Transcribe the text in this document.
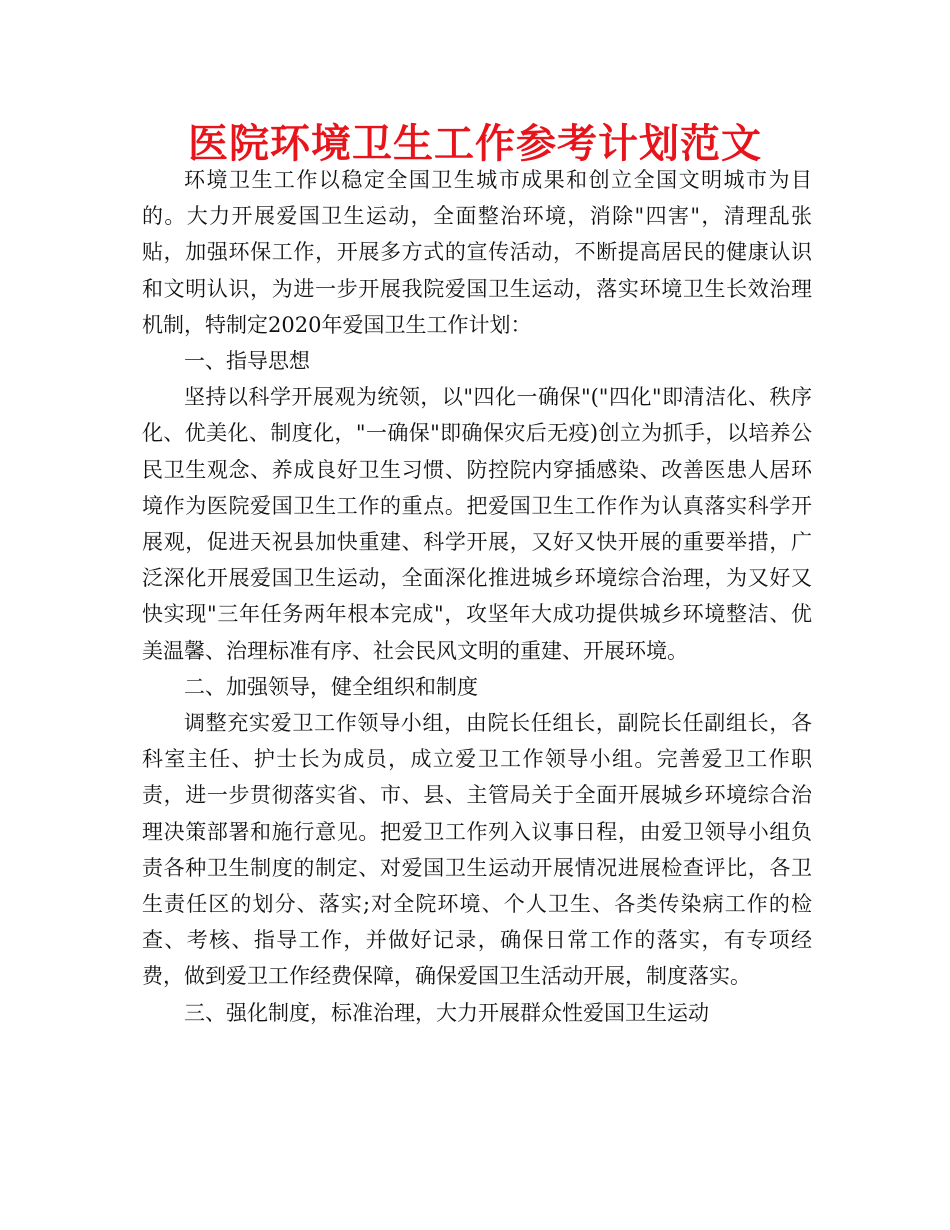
医院环境卫生工作参考计划范文

环境卫生工作以稳定全国卫生城市成果和创立全国文明城市为目的。大力开展爱国卫生运动，全面整治环境，消除"四害"，清理乱张贴，加强环保工作，开展多方式的宣传活动，不断提高居民的健康认识和文明认识，为进一步开展我院爱国卫生运动，落实环境卫生长效治理机制，特制定2020年爱国卫生工作计划：

一、指导思想

坚持以科学开展观为统领，以"四化一确保"("四化"即清洁化、秩序化、优美化、制度化，"一确保"即确保灾后无疫)创立为抓手，以培养公民卫生观念、养成良好卫生习惯、防控院内穿插感染、改善医患人居环境作为医院爱国卫生工作的重点。把爱国卫生工作作为认真落实科学开展观，促进天祝县加快重建、科学开展，又好又快开展的重要举措，广泛深化开展爱国卫生运动，全面深化推进城乡环境综合治理，为又好又快实现"三年任务两年根本完成"，攻坚年大成功提供城乡环境整洁、优美温馨、治理标准有序、社会民风文明的重建、开展环境。

二、加强领导，健全组织和制度

调整充实爱卫工作领导小组，由院长任组长，副院长任副组长，各科室主任、护士长为成员，成立爱卫工作领导小组。完善爱卫工作职责，进一步贯彻落实省、市、县、主管局关于全面开展城乡环境综合治理决策部署和施行意见。把爱卫工作列入议事日程，由爱卫领导小组负责各种卫生制度的制定、对爱国卫生运动开展情况进展检查评比，各卫生责任区的划分、落实;对全院环境、个人卫生、各类传染病工作的检查、考核、指导工作，并做好记录，确保日常工作的落实，有专项经费，做到爱卫工作经费保障，确保爱国卫生活动开展，制度落实。

三、强化制度，标准治理，大力开展群众性爱国卫生运动
